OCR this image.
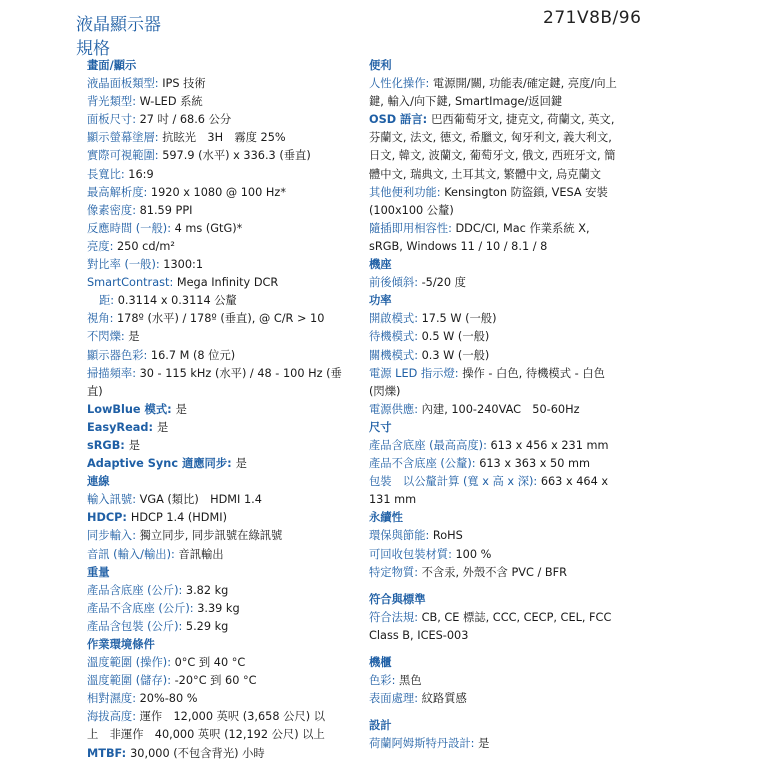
液晶顯示器
規格
271V8B/96
畫面/顯示
液晶面板類型: IPS 技術
背光類型: W-LED 系統
面板尺寸: 27 吋 / 68.6 公分
顯示螢幕塗層: 抗眩光　3H　霧度 25%
實際可視範圍: 597.9 (水平) x 336.3 (垂直)
長寬比: 16:9
最高解析度: 1920 x 1080 @ 100 Hz*
像素密度: 81.59 PPI
反應時間 (一般): 4 ms (GtG)*
亮度: 250 cd/m²
對比率 (一般): 1300:1
SmartContrast: Mega Infinity DCR
距: 0.3114 x 0.3114 公釐
視角: 178º (水平) / 178º (垂直), @ C/R > 10
不閃爍: 是
顯示器色彩: 16.7 M (8 位元)
掃描頻率: 30 - 115 kHz (水平) / 48 - 100 Hz (垂
直)
LowBlue 模式: 是
EasyRead: 是
sRGB: 是
Adaptive Sync 適應同步: 是
連線
輸入訊號: VGA (類比)　HDMI 1.4
HDCP: HDCP 1.4 (HDMI)
同步輸入: 獨立同步, 同步訊號在綠訊號
音訊 (輸入/輸出): 音訊輸出
重量
產品含底座 (公斤): 3.82 kg
產品不含底座 (公斤): 3.39 kg
產品含包裝 (公斤): 5.29 kg
作業環境條件
溫度範圍 (操作): 0°C 到 40 °C
溫度範圍 (儲存): -20°C 到 60 °C
相對濕度: 20%-80 %
海拔高度: 運作　12,000 英呎 (3,658 公尺) 以
上　非運作　40,000 英呎 (12,192 公尺) 以上
MTBF: 30,000 (不包含背光) 小時
便利
人性化操作: 電源開/關, 功能表/確定鍵, 亮度/向上
鍵, 輸入/向下鍵, SmartImage/返回鍵
OSD 語言: 巴西葡萄牙文, 捷克文, 荷蘭文, 英文,
芬蘭文, 法文, 德文, 希臘文, 匈牙利文, 義大利文,
日文, 韓文, 波蘭文, 葡萄牙文, 俄文, 西班牙文, 簡
體中文, 瑞典文, 土耳其文, 繁體中文, 烏克蘭文
其他便利功能: Kensington 防盜鎖, VESA 安裝
(100x100 公釐)
隨插即用相容性: DDC/CI, Mac 作業系統 X,
sRGB, Windows 11 / 10 / 8.1 / 8
機座
前後傾斜: -5/20 度
功率
開啟模式: 17.5 W (一般)
待機模式: 0.5 W (一般)
關機模式: 0.3 W (一般)
電源 LED 指示燈: 操作 - 白色, 待機模式 - 白色
(閃爍)
電源供應: 內建, 100-240VAC　50-60Hz
尺寸
產品含底座 (最高高度): 613 x 456 x 231 mm
產品不含底座 (公釐): 613 x 363 x 50 mm
包裝　以公釐計算 (寬 x 高 x 深): 663 x 464 x
131 mm
永續性
環保與節能: RoHS
可回收包裝材質: 100 %
特定物質: 不含汞, 外殼不含 PVC / BFR
符合與標準
符合法規: CB, CE 標誌, CCC, CECP, CEL, FCC
Class B, ICES-003
機櫃
色彩: 黑色
表面處理: 紋路質感
設計
荷蘭阿姆斯特丹設計: 是
